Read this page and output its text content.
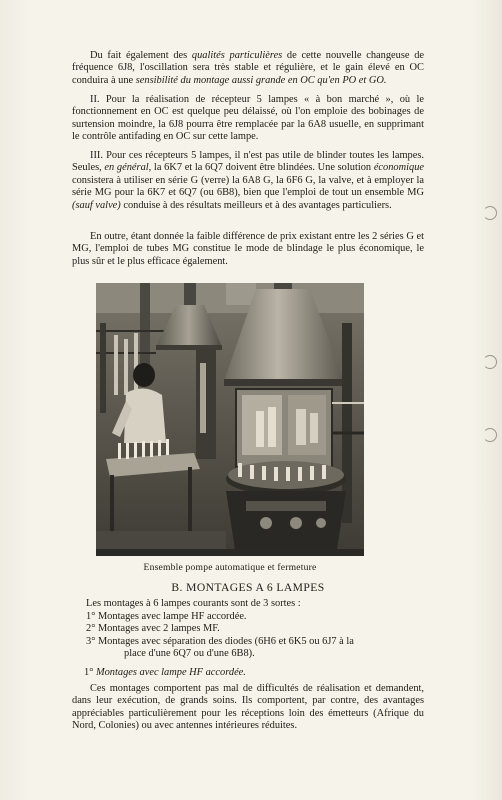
Du fait également des qualités particulières de cette nouvelle changeuse de fréquence 6J8, l'oscillation sera très stable et régulière, et le gain élevé en OC conduira à une sensibilité du montage aussi grande en OC qu'en PO et GO.

II. Pour la réalisation de récepteur 5 lampes « à bon marché », où le fonctionnement en OC est quelque peu délaissé, où l'on emploie des bobinages de surtension moindre, la 6J8 pourra être remplacée par la 6A8 usuelle, en supprimant le contrôle antifading en OC sur cette lampe.

III. Pour ces récepteurs 5 lampes, il n'est pas utile de blinder toutes les lampes. Seules, en général, la 6K7 et la 6Q7 doivent être blindées. Une solution économique consistera à utiliser en série G (verre) la 6A8 G, la 6F6 G, la valve, et à employer la série MG pour la 6K7 et 6Q7 (ou 6B8), bien que l'emploi de tout un ensemble MG (sauf valve) conduise à des résultats meilleurs et à des avantages particuliers.

En outre, étant donnée la faible différence de prix existant entre les 2 séries G et MG, l'emploi de tubes MG constitue le mode de blindage le plus économique, le plus sûr et le plus efficace également.

Ensemble pompe automatique et fermeture
B. MONTAGES A 6 LAMPES
Les montages à 6 lampes courants sont de 3 sortes :
1° Montages avec lampe HF accordée.
2° Montages avec 2 lampes MF.
3° Montages avec séparation des diodes (6H6 et 6K5 ou 6J7 à la
place d'une 6Q7 ou d'une 6B8).
1° Montages avec lampe HF accordée.

Ces montages comportent pas mal de difficultés de réalisation et demandent, dans leur exécution, de grands soins. Ils comportent, par contre, des avantages appréciables particulièrement pour les réceptions loin des émetteurs (Afrique du Nord, Colonies) ou avec antennes intérieures réduites.
